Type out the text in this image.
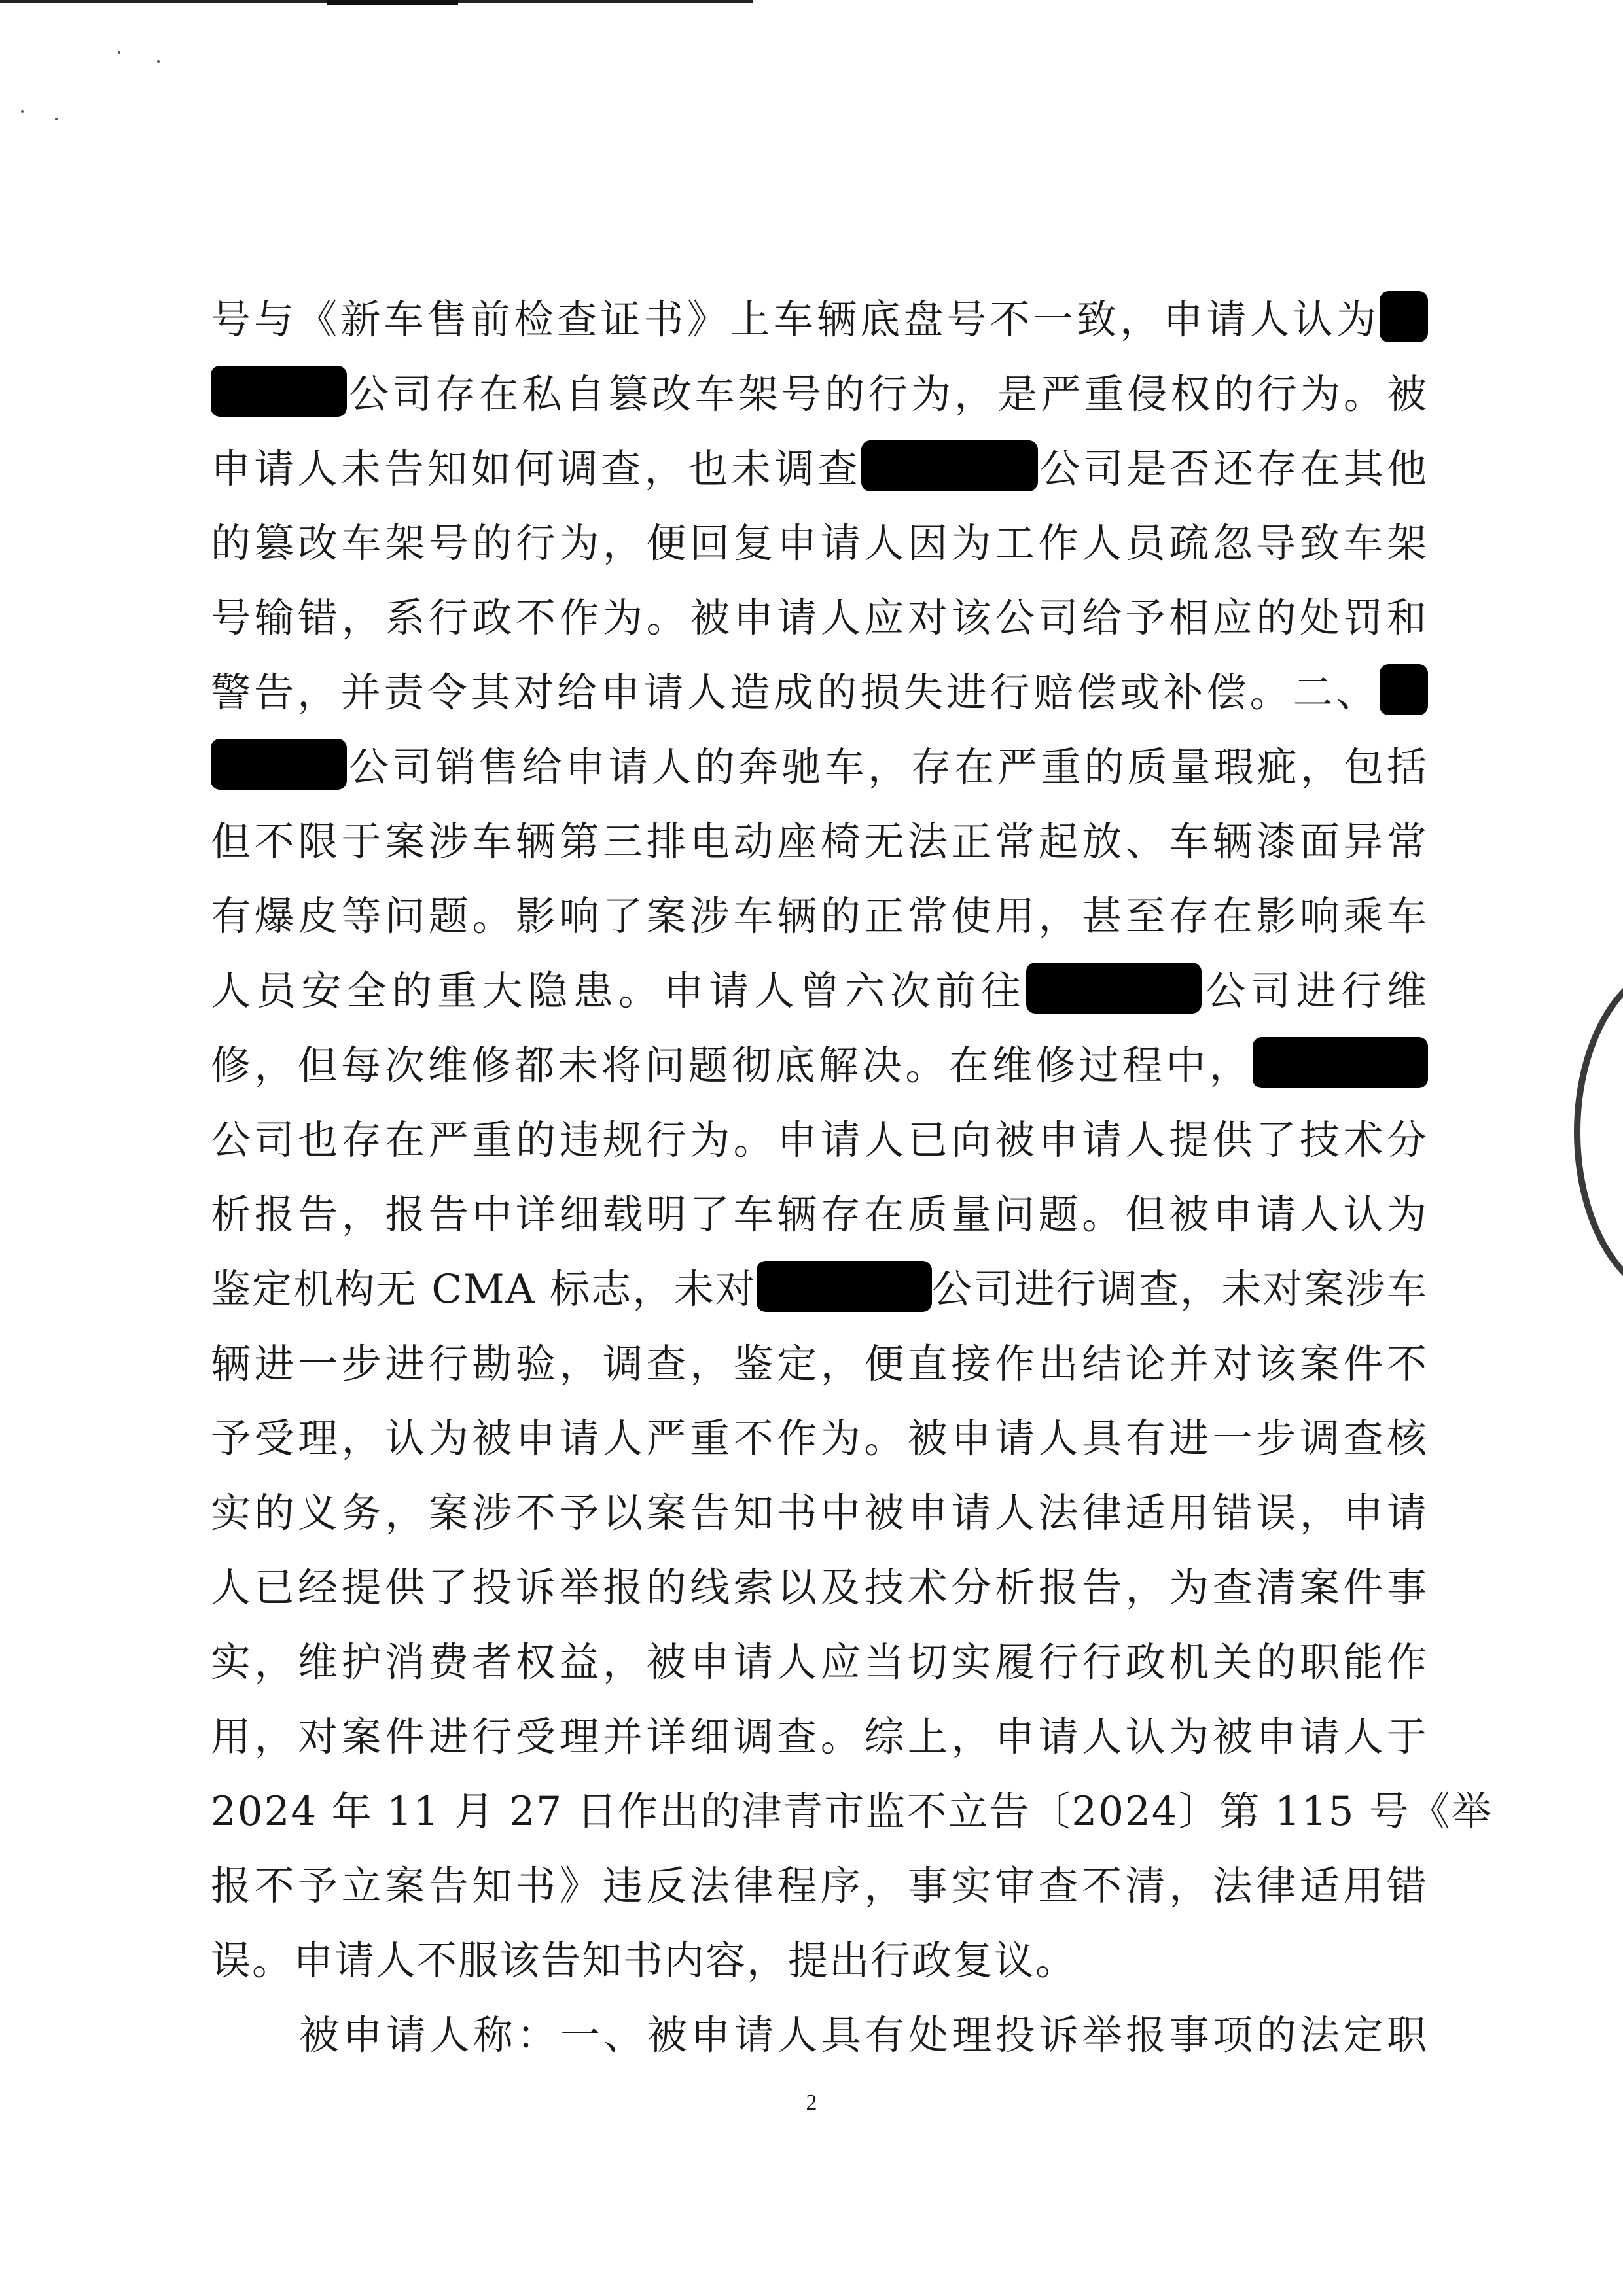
号与《新车售前检查证书》上车辆底盘号不一致，申请人认为
公司存在私自篡改车架号的行为，是严重侵权的行为。被
申请人未告知如何调查，也未调查	公司是否还存在其他
的篡改车架号的行为，便回复申请人因为工作人员疏忽导致车架
号输错，系行政不作为。被申请人应对该公司给予相应的处罚和
警告，并责令其对给申请人造成的损失进行赔偿或补偿。二、
公司销售给申请人的奔驰车，存在严重的质量瑕疵，包括
但不限于案涉车辆第三排电动座椅无法正常起放、车辆漆面异常
有爆皮等问题。影响了案涉车辆的正常使用，甚至存在影响乘车
人员安全的重大隐患。申请人曾六次前往	公司进行维
修，但每次维修都未将问题彻底解决。在维修过程中，
公司也存在严重的违规行为。申请人已向被申请人提供了技术分
析报告，报告中详细载明了车辆存在质量问题。但被申请人认为
鉴定机构无 CMA 标志，未对	公司进行调查，未对案涉车
辆进一步进行勘验，调查，鉴定，便直接作出结论并对该案件不
予受理，认为被申请人严重不作为。被申请人具有进一步调查核
实的义务，案涉不予以案告知书中被申请人法律适用错误，申请
人已经提供了投诉举报的线索以及技术分析报告，为查清案件事
实，维护消费者权益，被申请人应当切实履行行政机关的职能作
用，对案件进行受理并详细调查。综上，申请人认为被申请人于
2024 年 11 月 27 日作出的津青市监不立告〔2024〕第 115 号《举
报不予立案告知书》违反法律程序，事实审查不清，法律适用错
误。申请人不服该告知书内容，提出行政复议。
被申请人称：一、被申请人具有处理投诉举报事项的法定职
2
